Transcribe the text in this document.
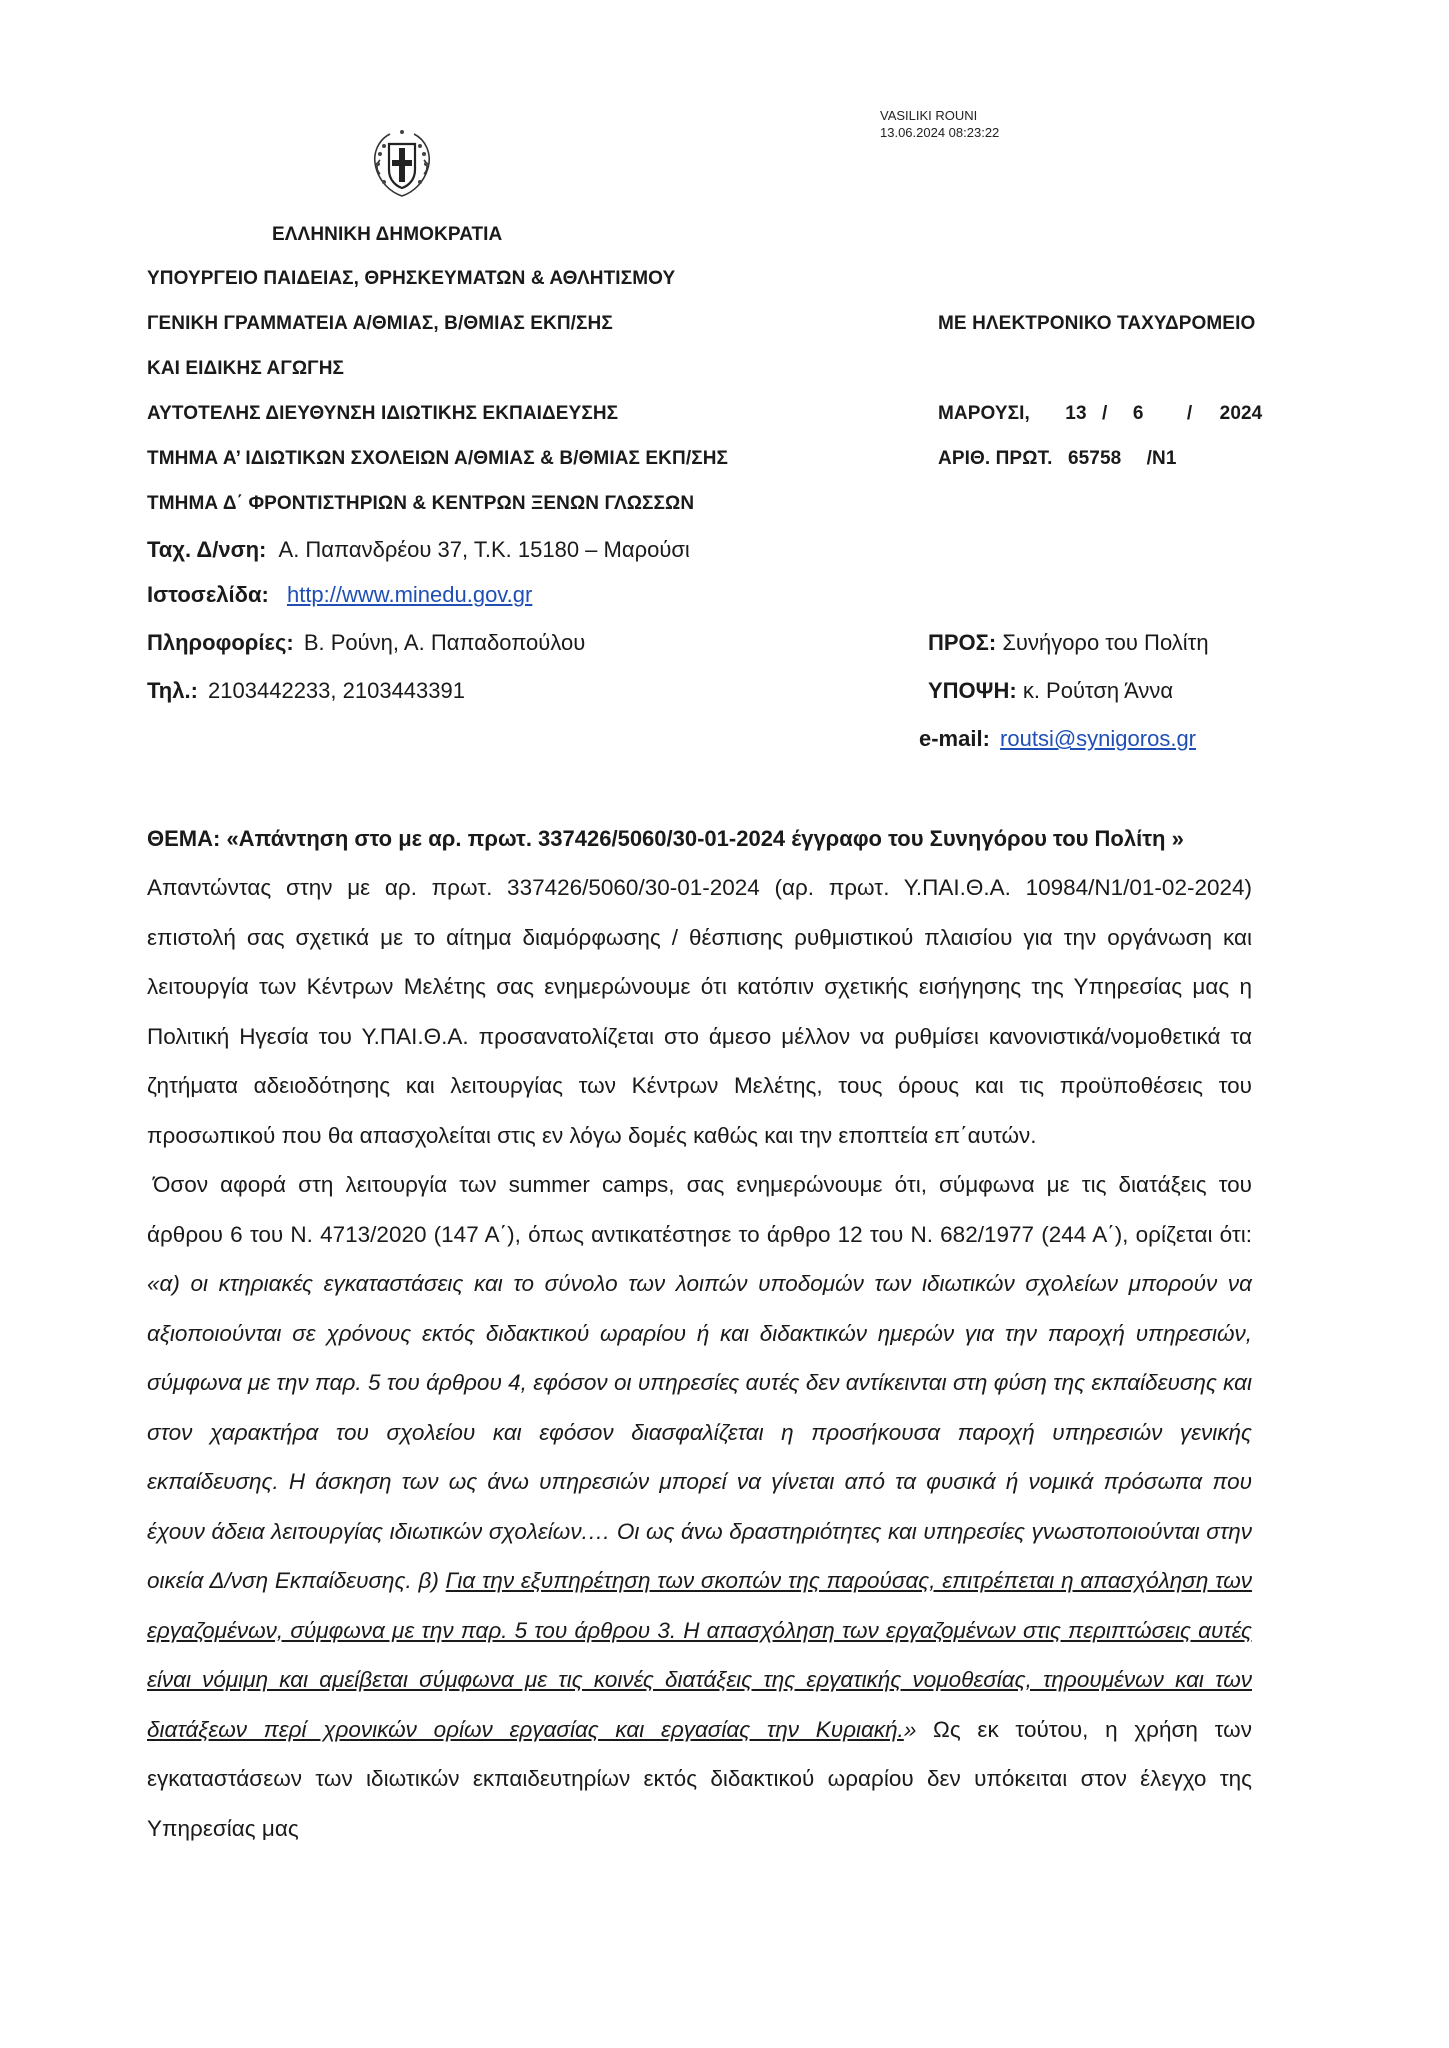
VASILIKI ROUNI
13.06.2024 08:23:22
ΕΛΛΗΝΙΚΗ ΔΗΜΟΚΡΑΤΙΑ
ΥΠΟΥΡΓΕΙΟ ΠΑΙΔΕΙΑΣ, ΘΡΗΣΚΕΥΜΑΤΩΝ & ΑΘΛΗΤΙΣΜΟΥ
ΓΕΝΙΚΗ ΓΡΑΜΜΑΤΕΙΑ Α/ΘΜΙΑΣ, Β/ΘΜΙΑΣ ΕΚΠ/ΣΗΣ
ΚΑΙ ΕΙΔΙΚΗΣ ΑΓΩΓΗΣ
ΑΥΤΟΤΕΛΗΣ ΔΙΕΥΘΥΝΣΗ ΙΔΙΩΤΙΚΗΣ ΕΚΠΑΙΔΕΥΣΗΣ
ΤΜΗΜΑ Α’ ΙΔΙΩΤΙΚΩΝ ΣΧΟΛΕΙΩΝ Α/ΘΜΙΑΣ & Β/ΘΜΙΑΣ ΕΚΠ/ΣΗΣ
ΤΜΗΜΑ Δ΄ ΦΡΟΝΤΙΣΤΗΡΙΩΝ & ΚΕΝΤΡΩΝ ΞΕΝΩΝ ΓΛΩΣΣΩΝ
Ταχ. Δ/νση: Α. Παπανδρέου 37, Τ.Κ. 15180 – Μαρούσι
Ιστοσελίδα: http://www.minedu.gov.gr
Πληροφορίες: Β. Ρούνη, Α. Παπαδοπούλου
Τηλ.: 2103442233, 2103443391
ΜΕ ΗΛΕΚΤΡΟΝΙΚΟ ΤΑΧΥΔΡΟΜΕΙΟ
ΜΑΡΟΥΣΙ, 13 / 6 / 2024
ΑΡΙΘ. ΠΡΩΤ. 65758 /Ν1
ΠΡΟΣ: Συνήγορο του Πολίτη
ΥΠΟΨΗ: κ. Ρούτση Άννα
e-mail: routsi@synigoros.gr
ΘΕΜΑ: «Απάντηση στο με αρ. πρωτ. 337426/5060/30-01-2024 έγγραφο του Συνηγόρου του Πολίτη »

Απαντώντας στην με αρ. πρωτ. 337426/5060/30-01-2024 (αρ. πρωτ. Υ.ΠΑΙ.Θ.Α. 10984/Ν1/01-02-2024) επιστολή σας σχετικά με το αίτημα διαμόρφωσης / θέσπισης ρυθμιστικού πλαισίου για την οργάνωση και λειτουργία των Κέντρων Μελέτης σας ενημερώνουμε ότι κατόπιν σχετικής εισήγησης της Υπηρεσίας μας η Πολιτική Ηγεσία του Υ.ΠΑΙ.Θ.Α. προσανατολίζεται στο άμεσο μέλλον να ρυθμίσει κανονιστικά/νομοθετικά τα ζητήματα αδειοδότησης και λειτουργίας των Κέντρων Μελέτης, τους όρους και τις προϋποθέσεις του προσωπικού που θα απασχολείται στις εν λόγω δομές καθώς και την εποπτεία επ΄αυτών.

Όσον αφορά στη λειτουργία των summer camps, σας ενημερώνουμε ότι, σύμφωνα με τις διατάξεις του άρθρου 6 του Ν. 4713/2020 (147 Α΄), όπως αντικατέστησε το άρθρο 12 του Ν. 682/1977 (244 Α΄), ορίζεται ότι: «α) οι κτηριακές εγκαταστάσεις και το σύνολο των λοιπών υποδομών των ιδιωτικών σχολείων μπορούν να αξιοποιούνται σε χρόνους εκτός διδακτικού ωραρίου ή και διδακτικών ημερών για την παροχή υπηρεσιών, σύμφωνα με την παρ. 5 του άρθρου 4, εφόσον οι υπηρεσίες αυτές δεν αντίκεινται στη φύση της εκπαίδευσης και στον χαρακτήρα του σχολείου και εφόσον διασφαλίζεται η προσήκουσα παροχή υπηρεσιών γενικής εκπαίδευσης. Η άσκηση των ως άνω υπηρεσιών μπορεί να γίνεται από τα φυσικά ή νομικά πρόσωπα που έχουν άδεια λειτουργίας ιδιωτικών σχολείων.… Οι ως άνω δραστηριότητες και υπηρεσίες γνωστοποιούνται στην οικεία Δ/νση Εκπαίδευσης. β) Για την εξυπηρέτηση των σκοπών της παρούσας, επιτρέπεται η απασχόληση των εργαζομένων, σύμφωνα με την παρ. 5 του άρθρου 3. Η απασχόληση των εργαζομένων στις περιπτώσεις αυτές είναι νόμιμη και αμείβεται σύμφωνα με τις κοινές διατάξεις της εργατικής νομοθεσίας, τηρουμένων και των διατάξεων περί χρονικών ορίων εργασίας και εργασίας την Κυριακή.» Ως εκ τούτου, η χρήση των εγκαταστάσεων των ιδιωτικών εκπαιδευτηρίων εκτός διδακτικού ωραρίου δεν υπόκειται στον έλεγχο της Υπηρεσίας μας
